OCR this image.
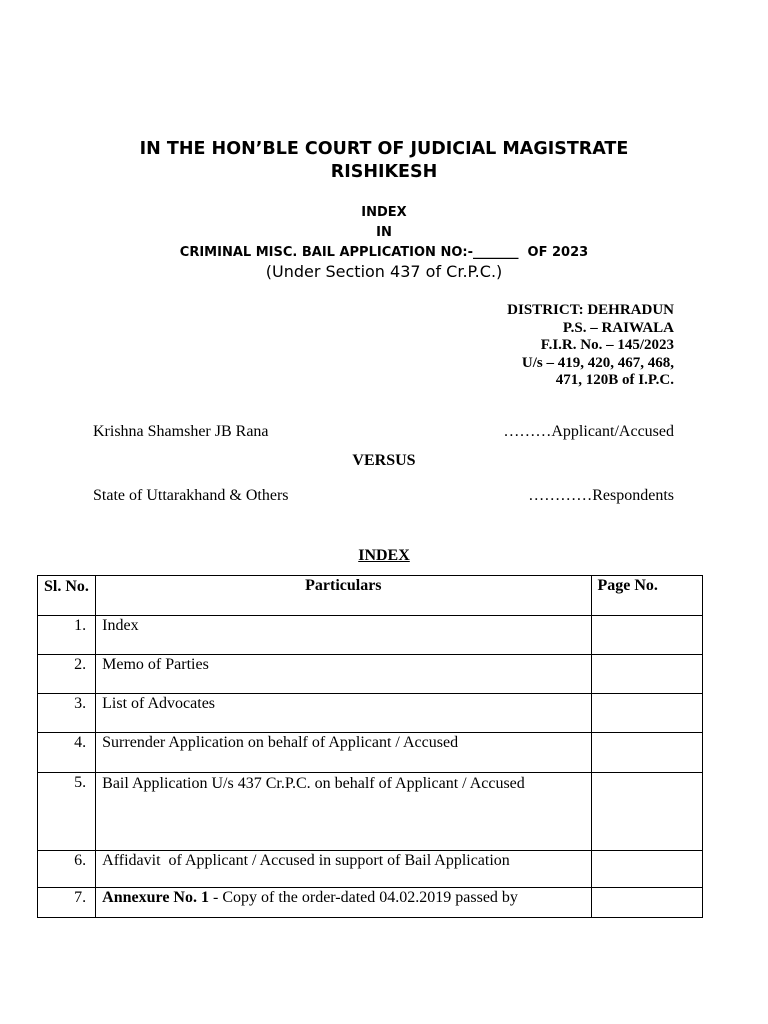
IN THE HON’BLE COURT OF JUDICIAL MAGISTRATE
RISHIKESH
INDEX
IN
CRIMINAL MISC. BAIL APPLICATION NO:-_______  OF 2023
(Under Section 437 of Cr.P.C.)
DISTRICT: DEHRADUN
P.S. – RAIWALA
F.I.R. No. – 145/2023
U/s – 419, 420, 467, 468,
471, 120B of I.P.C.
Krishna Shamsher JB Rana	………Applicant/Accused
VERSUS
State of Uttarakhand & Others	…………Respondents
INDEX
Sl. No.	Particulars	Page No.
1.	Index	
2.	Memo of Parties	
3.	List of Advocates	
4.	Surrender Application on behalf of Applicant / Accused	
5.	Bail Application U/s 437 Cr.P.C. on behalf of Applicant / Accused	

6.	Affidavit  of Applicant / Accused in support of Bail Application	
7.	Annexure No. 1 - Copy of the order-dated 04.02.2019 passed by	
